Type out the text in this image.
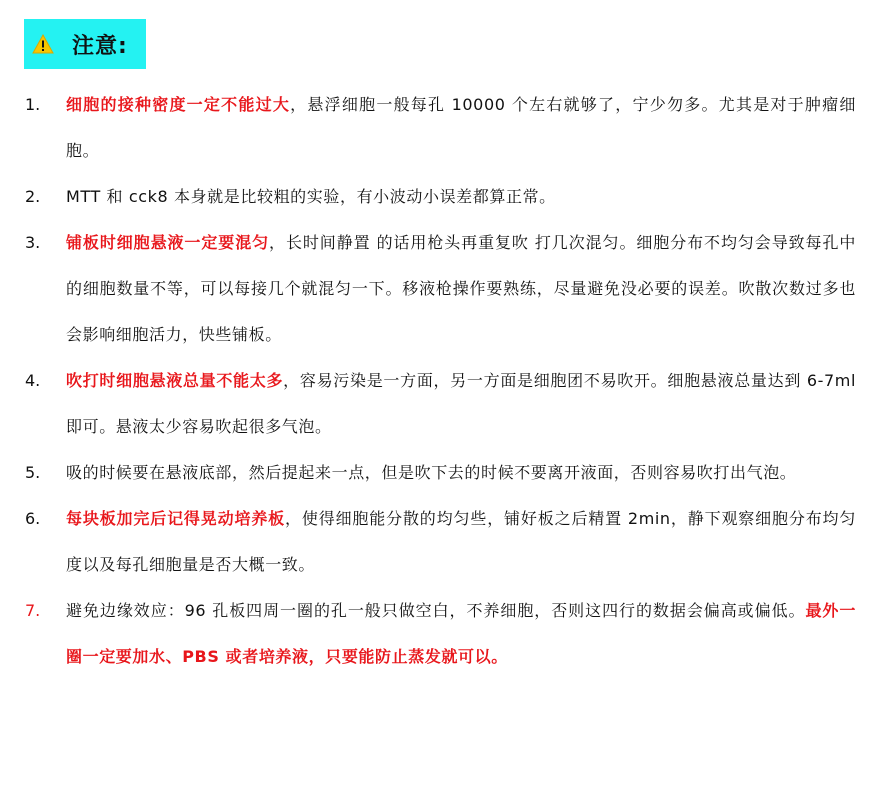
注意:
1. 细胞的接种密度一定不能过大，悬浮细胞一般每孔 10000 个左右就够了，宁少勿多。尤其是对于肿瘤细胞。
2. MTT 和 cck8 本身就是比较粗的实验，有小波动小误差都算正常。
3. 铺板时细胞悬液一定要混匀，长时间静置 的话用枪头再重复吹 打几次混匀。细胞分布不均匀会导致每孔中的细胞数量不等，可以每接几个就混匀一下。移液枪操作要熟练，尽量避免没必要的误差。吹散次数过多也会影响细胞活力，快些铺板。
4. 吹打时细胞悬液总量不能太多，容易污染是一方面，另一方面是细胞团不易吹开。细胞悬液总量达到 6-7ml 即可。悬液太少容易吹起很多气泡。
5. 吸的时候要在悬液底部，然后提起来一点，但是吹下去的时候不要离开液面，否则容易吹打出气泡。
6. 每块板加完后记得晃动培养板，使得细胞能分散的均匀些，铺好板之后精置 2min，静下观察细胞分布均匀度以及每孔细胞量是否大概一致。
7. 避免边缘效应：96 孔板四周一圈的孔一般只做空白，不养细胞，否则这四行的数据会偏高或偏低。最外一圈一定要加水、PBS 或者培养液，只要能防止蒸发就可以。
